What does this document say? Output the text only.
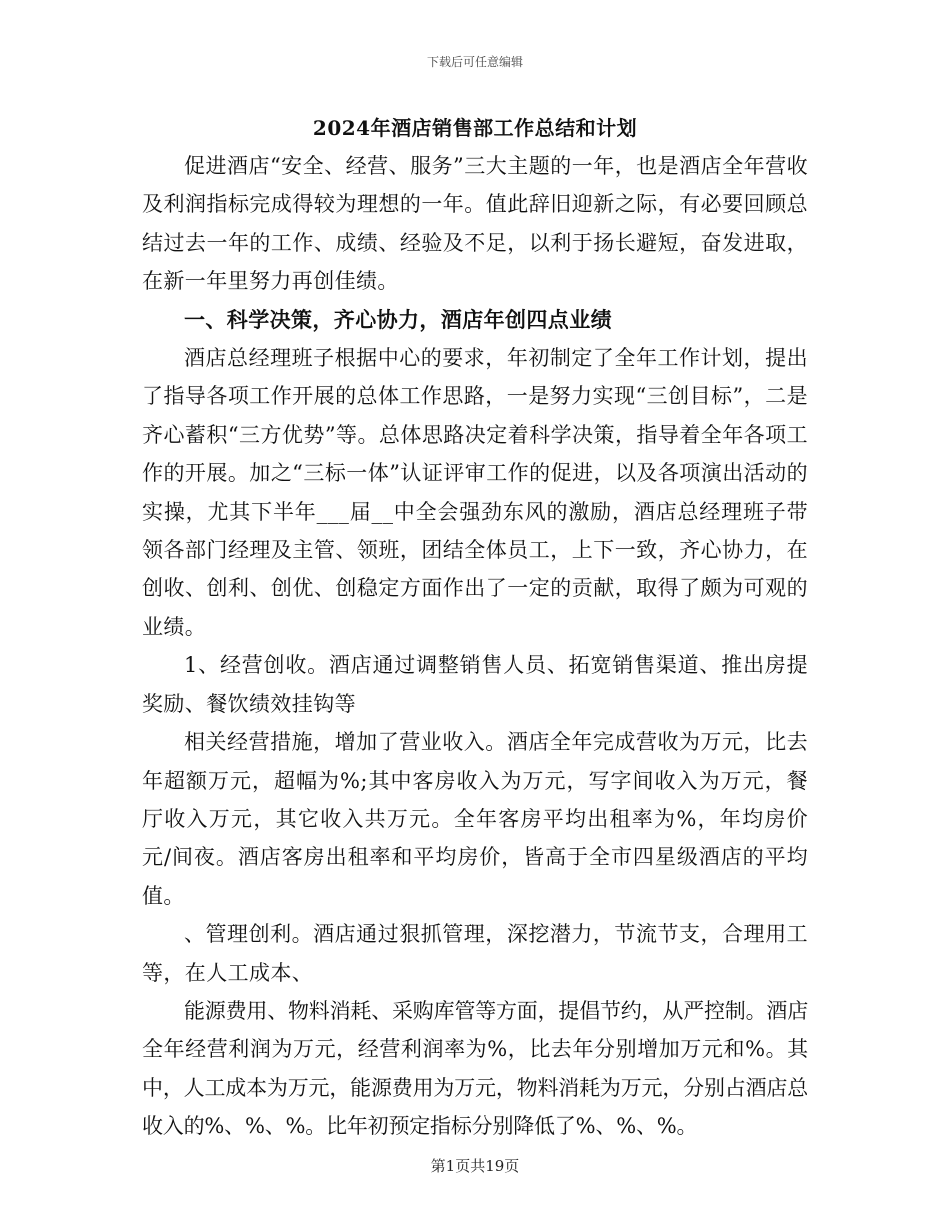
下载后可任意编辑
2024年酒店销售部工作总结和计划

促进酒店“安全、经营、服务”三大主题的一年，也是酒店全年营收及利润指标完成得较为理想的一年。值此辞旧迎新之际，有必要回顾总结过去一年的工作、成绩、经验及不足，以利于扬长避短，奋发进取，在新一年里努力再创佳绩。

一、科学决策，齐心协力，酒店年创四点业绩

酒店总经理班子根据中心的要求，年初制定了全年工作计划，提出了指导各项工作开展的总体工作思路，一是努力实现“三创目标”，二是齐心蓄积“三方优势”等。总体思路决定着科学决策，指导着全年各项工作的开展。加之“三标一体”认证评审工作的促进，以及各项演出活动的实操，尤其下半年___届__中全会强劲东风的激励，酒店总经理班子带领各部门经理及主管、领班，团结全体员工，上下一致，齐心协力，在创收、创利、创优、创稳定方面作出了一定的贡献，取得了颇为可观的业绩。

1、经营创收。酒店通过调整销售人员、拓宽销售渠道、推出房提奖励、餐饮绩效挂钩等

相关经营措施，增加了营业收入。酒店全年完成营收为万元，比去年超额万元，超幅为%;其中客房收入为万元，写字间收入为万元，餐厅收入万元，其它收入共万元。全年客房平均出租率为%，年均房价元/间夜。酒店客房出租率和平均房价，皆高于全市四星级酒店的平均值。

、管理创利。酒店通过狠抓管理，深挖潜力，节流节支，合理用工等，在人工成本、

能源费用、物料消耗、采购库管等方面，提倡节约，从严控制。酒店全年经营利润为万元，经营利润率为%，比去年分别增加万元和%。其中，人工成本为万元，能源费用为万元，物料消耗为万元，分别占酒店总收入的%、%、%。比年初预定指标分别降低了%、%、%。

第1页共19页
